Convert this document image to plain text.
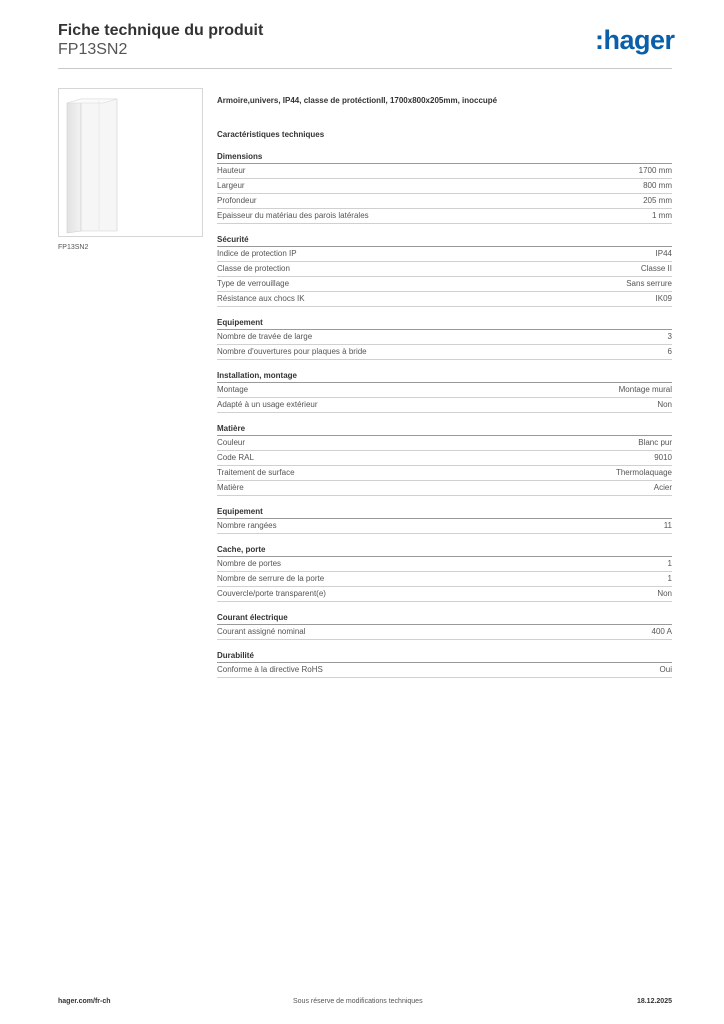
Fiche technique du produit

FP13SN2	:hager
FP13SN2
Armoire,univers, IP44, classe de protéctionII, 1700x800x205mm, inoccupé
Caractéristiques techniques
Dimensions
Hauteur	1700 mm
Largeur	800 mm
Profondeur	205 mm
Epaisseur du matériau des parois latérales	1 mm
Sécurité
Indice de protection IP	IP44
Classe de protection	Classe II
Type de verrouillage	Sans serrure
Résistance aux chocs IK	IK09
Equipement
Nombre de travée de large	3
Nombre d'ouvertures pour plaques à bride	6
Installation, montage
Montage	Montage mural
Adapté à un usage extérieur	Non
Matière
Couleur	Blanc pur
Code RAL	9010
Traitement de surface	Thermolaquage
Matière	Acier
Equipement
Nombre rangées	11
Cache, porte
Nombre de portes	1
Nombre de serrure de la porte	1
Couvercle/porte transparent(e)	Non
Courant électrique
Courant assigné nominal	400 A
Durabilité
Conforme à la directive RoHS	Oui
hager.com/fr-ch	Sous réserve de modifications techniques	18.12.2025
